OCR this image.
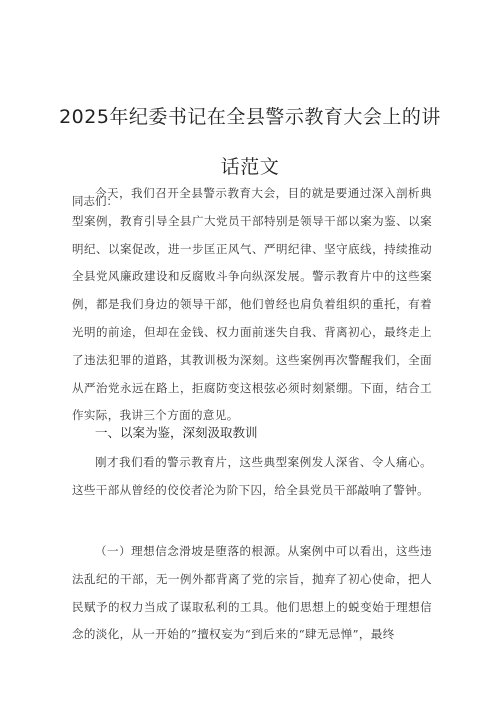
2025年纪委书记在全县警示教育大会上的讲
话范文

同志们：

今天，我们召开全县警示教育大会，目的就是要通过深入剖析典型案例，教育引导全县广大党员干部特别是领导干部以案为鉴、以案明纪、以案促改，进一步匡正风气、严明纪律、坚守底线，持续推动全县党风廉政建设和反腐败斗争向纵深发展。警示教育片中的这些案例，都是我们身边的领导干部，他们曾经也肩负着组织的重托，有着光明的前途，但却在金钱、权力面前迷失自我、背离初心，最终走上了违法犯罪的道路，其教训极为深刻。这些案例再次警醒我们，全面从严治党永远在路上，拒腐防变这根弦必须时刻紧绷。下面，结合工作实际，我讲三个方面的意见。

一、以案为鉴，深刻汲取教训

刚才我们看的警示教育片，这些典型案例发人深省、令人痛心。这些干部从曾经的佼佼者沦为阶下囚，给全县党员干部敲响了警钟。

（一）理想信念滑坡是堕落的根源。从案例中可以看出，这些违法乱纪的干部，无一例外都背离了党的宗旨，抛弃了初心使命，把人民赋予的权力当成了谋取私利的工具。他们思想上的蜕变始于理想信念的淡化，从一开始的”擅权妄为“到后来的“肆无忌惮”，最终
